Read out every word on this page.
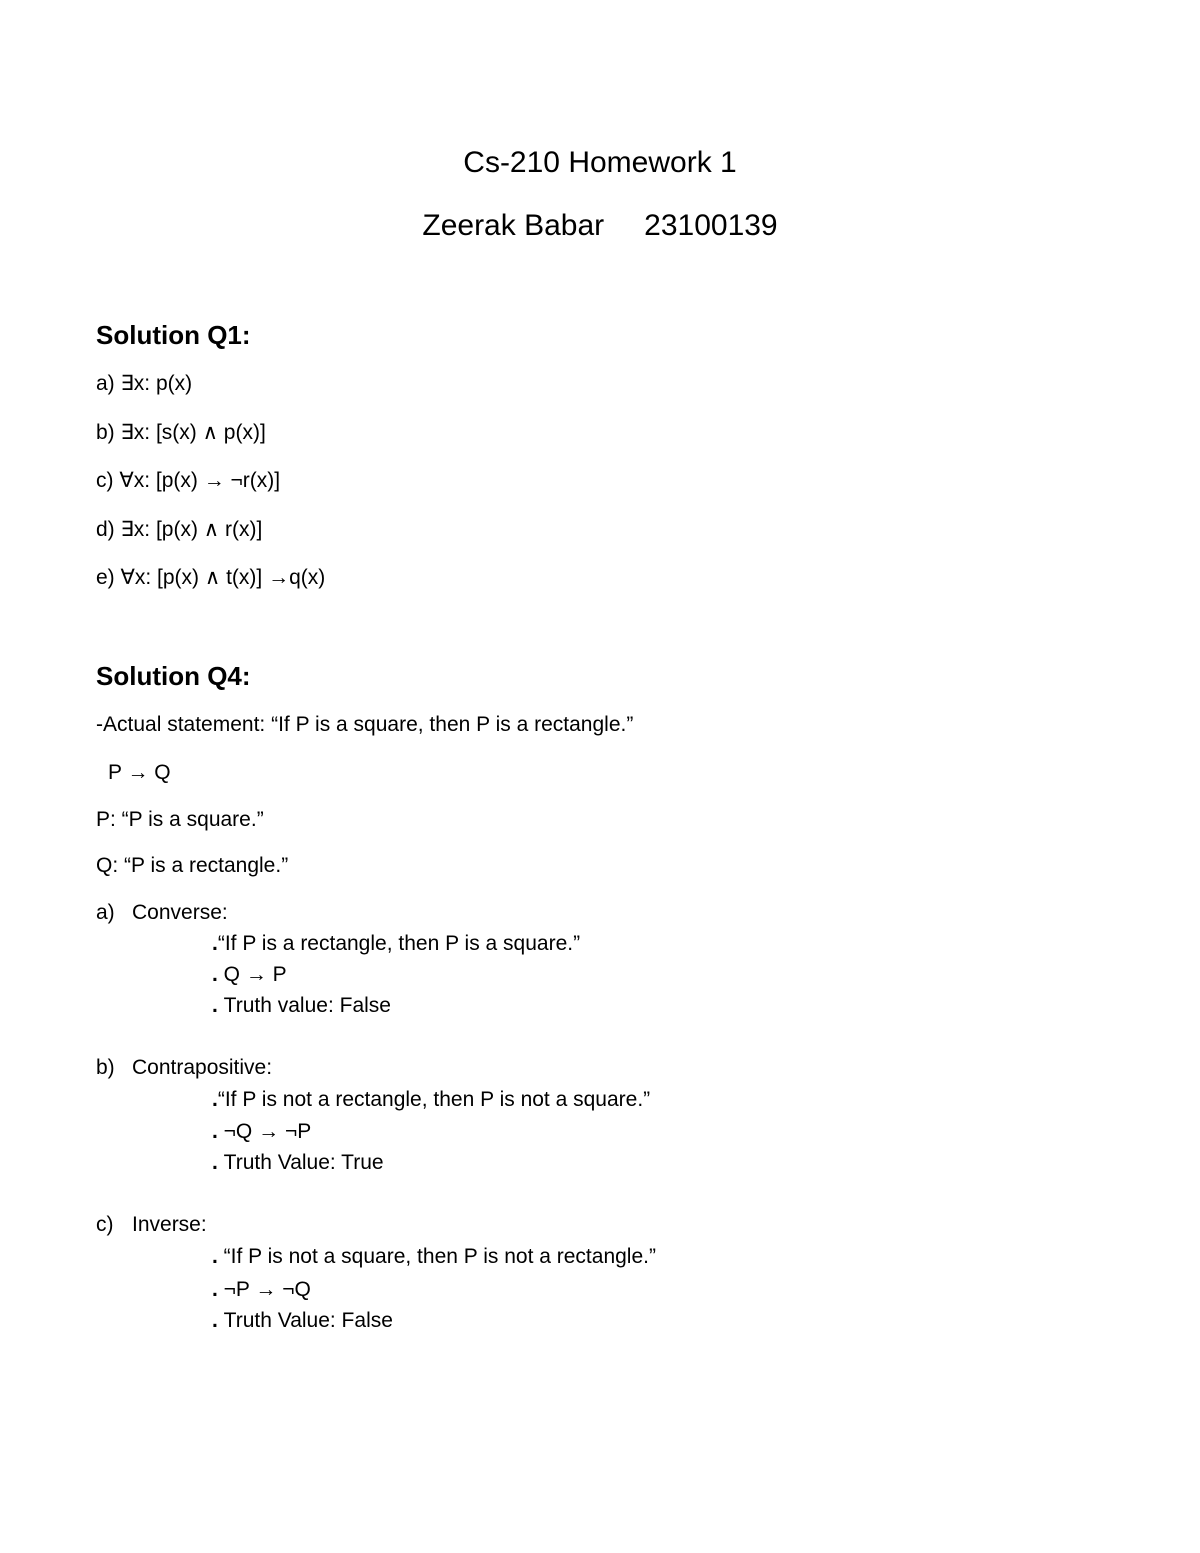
Cs-210 Homework 1
Zeerak Babar 23100139
Solution Q1:
a) ∃x: p(x)
b) ∃x: [s(x) ∧ p(x)]
c) ∀x: [p(x) → ¬r(x)]
d) ∃x: [p(x) ∧ r(x)]
e) ∀x: [p(x) ∧ t(x)] →q(x)
Solution Q4:
-Actual statement: “If P is a square, then P is a rectangle.”
P → Q
P: “P is a square.”
Q: “P is a rectangle.”
a) Converse:
.“If P is a rectangle, then P is a square.”
. Q → P
. Truth value: False
b) Contrapositive:
.“If P is not a rectangle, then P is not a square.”
. ¬Q → ¬P
. Truth Value: True
c) Inverse:
. “If P is not a square, then P is not a rectangle.”
. ¬P → ¬Q
. Truth Value: False
